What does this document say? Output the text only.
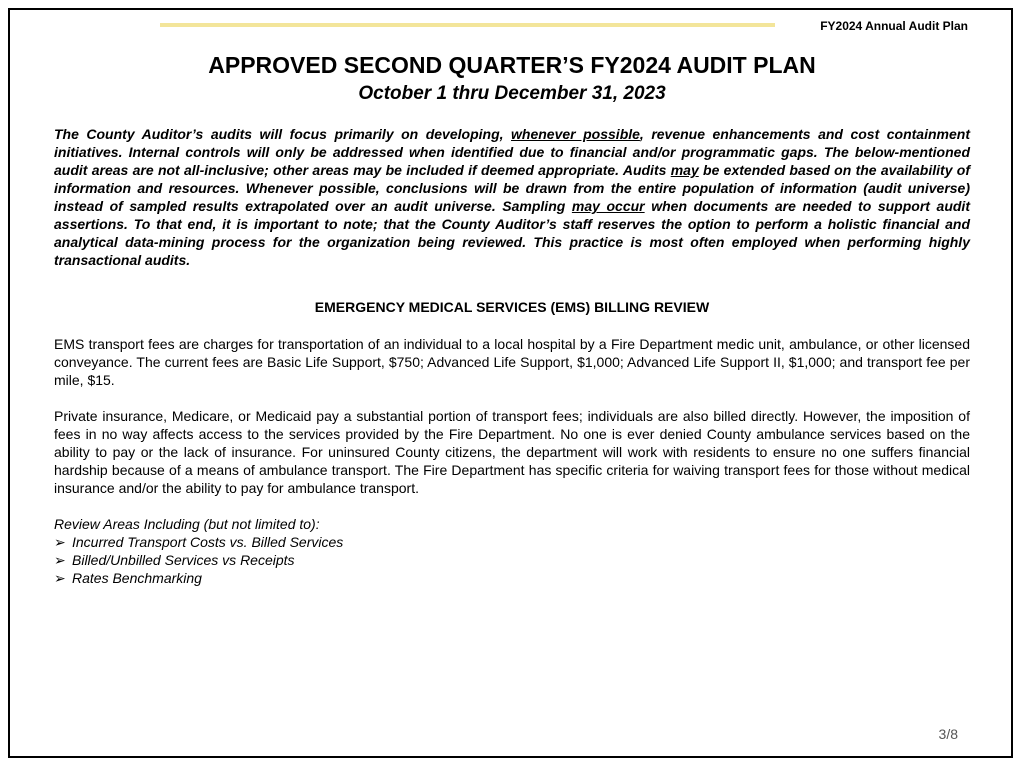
FY2024 Annual Audit Plan
APPROVED SECOND QUARTER’S FY2024 AUDIT PLAN
October 1 thru December 31, 2023
The County Auditor’s audits will focus primarily on developing, whenever possible, revenue enhancements and cost containment initiatives. Internal controls will only be addressed when identified due to financial and/or programmatic gaps. The below-mentioned audit areas are not all-inclusive; other areas may be included if deemed appropriate. Audits may be extended based on the availability of information and resources. Whenever possible, conclusions will be drawn from the entire population of information (audit universe) instead of sampled results extrapolated over an audit universe. Sampling may occur when documents are needed to support audit assertions. To that end, it is important to note; that the County Auditor’s staff reserves the option to perform a holistic financial and analytical data-mining process for the organization being reviewed. This practice is most often employed when performing highly transactional audits.
EMERGENCY MEDICAL SERVICES (EMS) BILLING REVIEW
EMS transport fees are charges for transportation of an individual to a local hospital by a Fire Department medic unit, ambulance, or other licensed conveyance. The current fees are Basic Life Support, $750; Advanced Life Support, $1,000; Advanced Life Support II, $1,000; and transport fee per mile, $15.
Private insurance, Medicare, or Medicaid pay a substantial portion of transport fees; individuals are also billed directly. However, the imposition of fees in no way affects access to the services provided by the Fire Department. No one is ever denied County ambulance services based on the ability to pay or the lack of insurance. For uninsured County citizens, the department will work with residents to ensure no one suffers financial hardship because of a means of ambulance transport. The Fire Department has specific criteria for waiving transport fees for those without medical insurance and/or the ability to pay for ambulance transport.
Review Areas Including (but not limited to):
➢ Incurred Transport Costs vs. Billed Services
➢ Billed/Unbilled Services vs Receipts
➢ Rates Benchmarking
3/8
